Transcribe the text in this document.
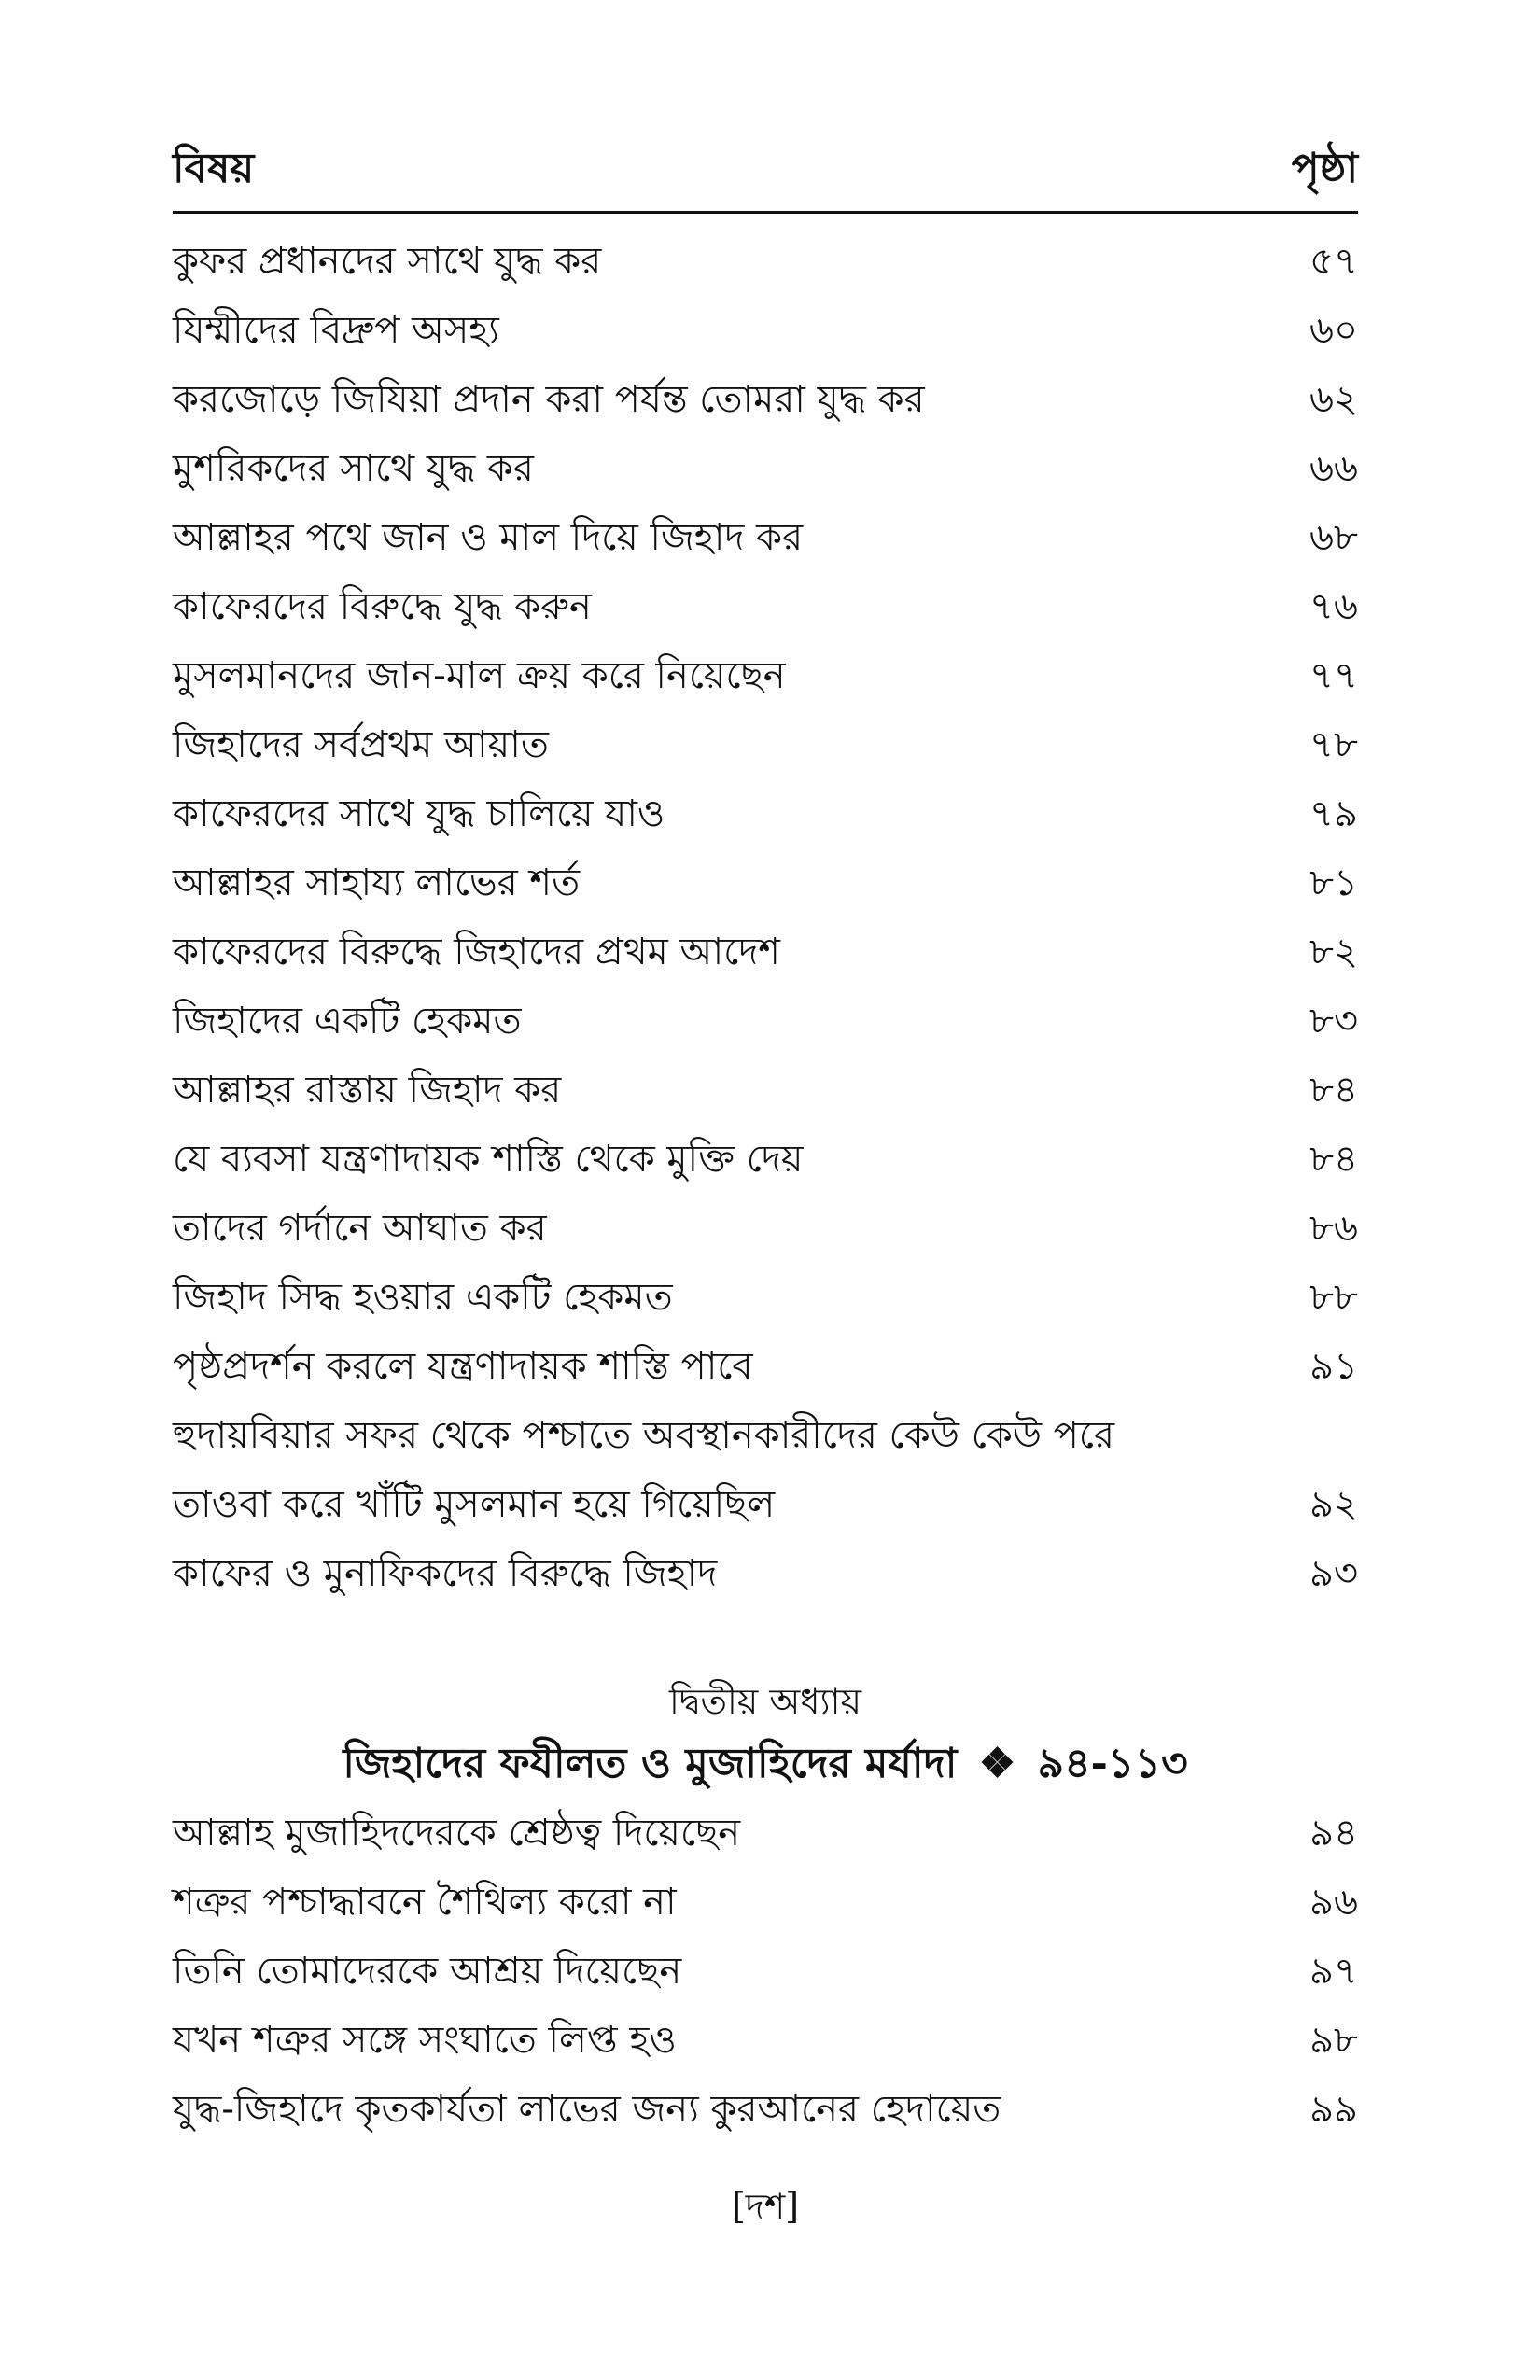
বিষয়	পৃষ্ঠা
কুফর প্রধানদের সাথে যুদ্ধ কর	৫৭
যিম্মীদের বিদ্রুপ অসহ্য	৬০
করজোড়ে জিযিয়া প্রদান করা পর্যন্ত তোমরা যুদ্ধ কর	৬২
মুশরিকদের সাথে যুদ্ধ কর	৬৬
আল্লাহর পথে জান ও মাল দিয়ে জিহাদ কর	৬৮
কাফেরদের বিরুদ্ধে যুদ্ধ করুন	৭৬
মুসলমানদের জান-মাল ক্রয় করে নিয়েছেন	৭৭
জিহাদের সর্বপ্রথম আয়াত	৭৮
কাফেরদের সাথে যুদ্ধ চালিয়ে যাও	৭৯
আল্লাহর সাহায্য লাভের শর্ত	৮১
কাফেরদের বিরুদ্ধে জিহাদের প্রথম আদেশ	৮২
জিহাদের একটি হেকমত	৮৩
আল্লাহর রাস্তায় জিহাদ কর	৮৪
যে ব্যবসা যন্ত্রণাদায়ক শাস্তি থেকে মুক্তি দেয়	৮৪
তাদের গর্দানে আঘাত কর	৮৬
জিহাদ সিদ্ধ হওয়ার একটি হেকমত	৮৮
পৃষ্ঠপ্রদর্শন করলে যন্ত্রণাদায়ক শাস্তি পাবে	৯১
হুদায়বিয়ার সফর থেকে পশ্চাতে অবস্থানকারীদের কেউ কেউ পরে
তাওবা করে খাঁটি মুসলমান হয়ে গিয়েছিল	৯২
কাফের ও মুনাফিকদের বিরুদ্ধে জিহাদ	৯৩
দ্বিতীয় অধ্যায়
জিহাদের ফযীলত ও মুজাহিদের মর্যাদা ❖ ৯৪-১১৩
আল্লাহ মুজাহিদদেরকে শ্রেষ্ঠত্ব দিয়েছেন	৯৪
শত্রুর পশ্চাদ্ধাবনে শৈথিল্য করো না	৯৬
তিনি তোমাদেরকে আশ্রয় দিয়েছেন	৯৭
যখন শত্রুর সঙ্গে সংঘাতে লিপ্ত হও	৯৮
যুদ্ধ-জিহাদে কৃতকার্যতা লাভের জন্য কুরআনের হেদায়েত	৯৯
[দশ]
